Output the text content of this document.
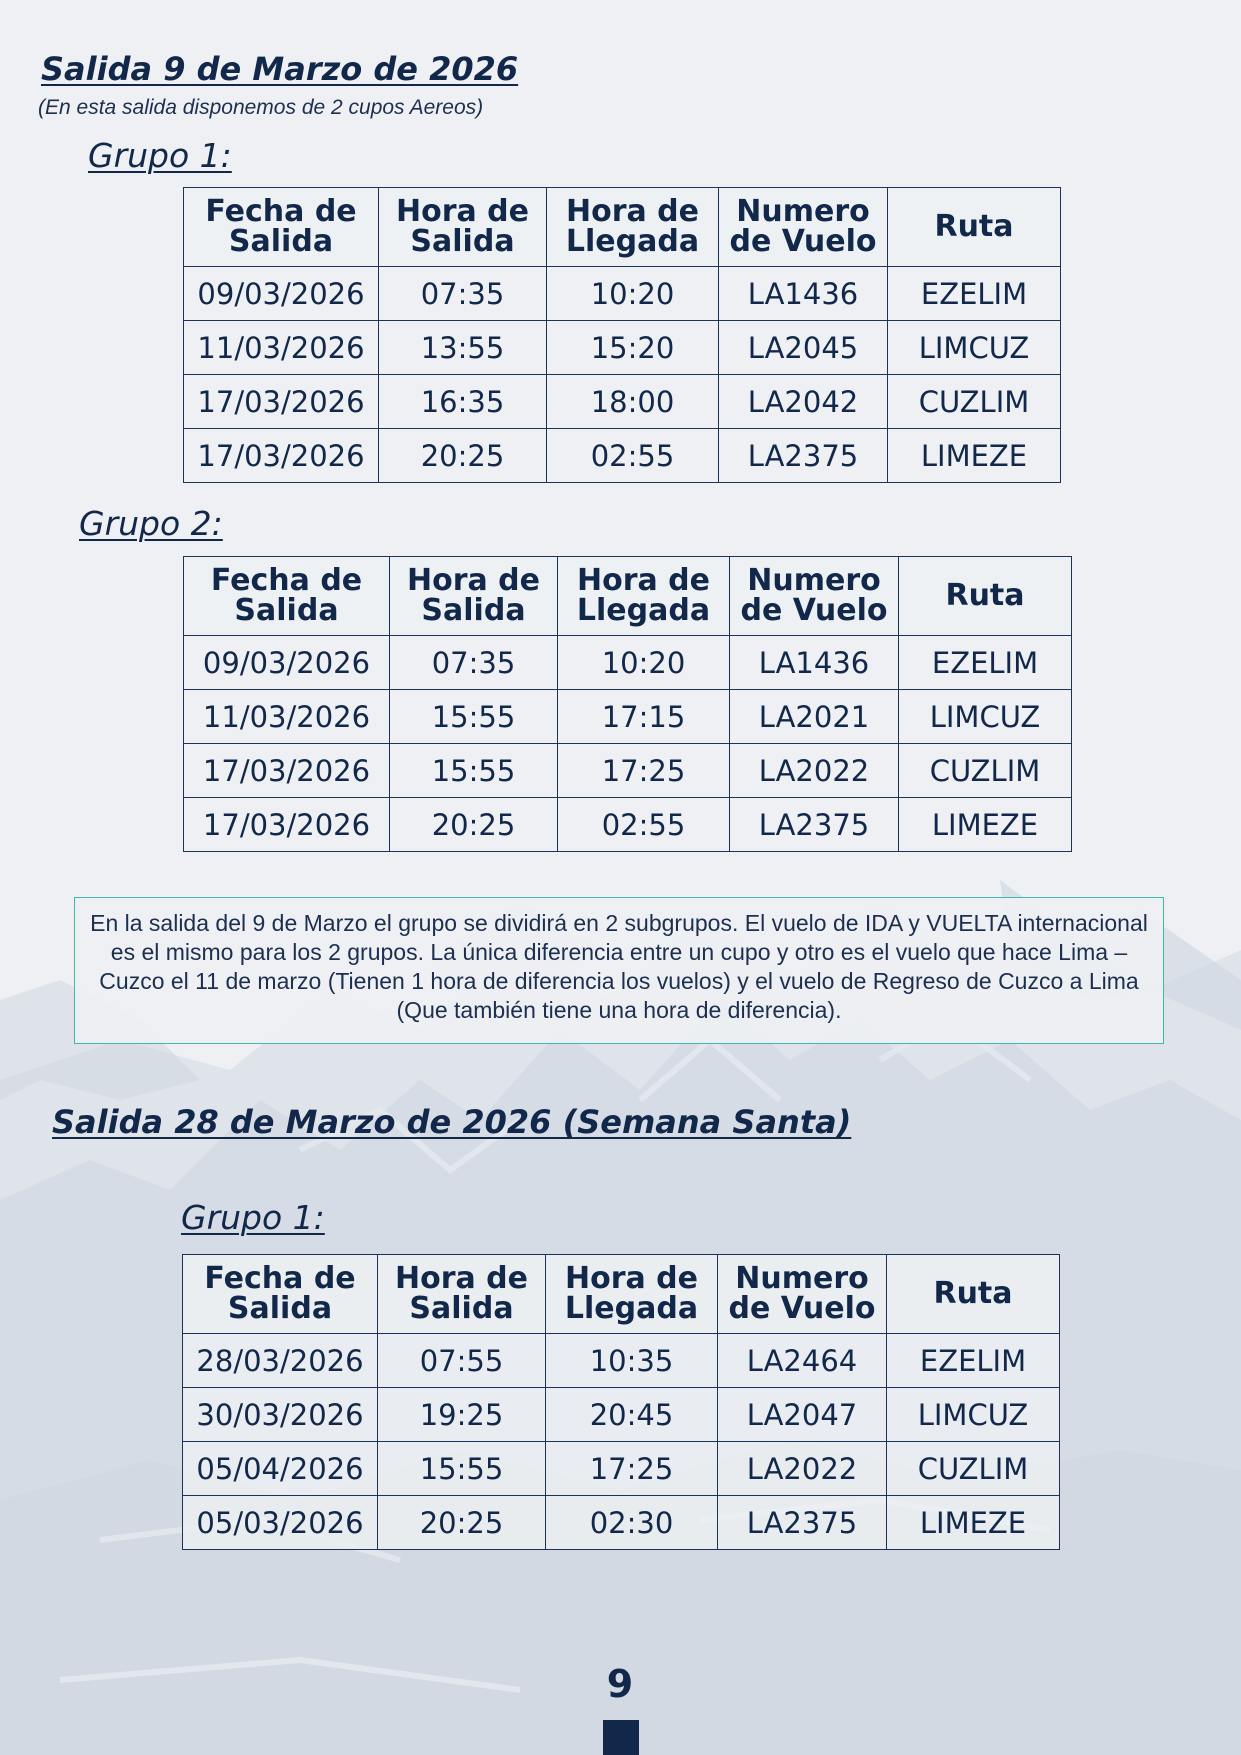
Salida 9 de Marzo de 2026
(En esta salida disponemos de 2 cupos Aereos)
Grupo 1:
Fecha de Salida	Hora de Salida	Hora de Llegada	Numero de Vuelo	Ruta
09/03/2026	07:35	10:20	LA1436	EZELIM
11/03/2026	13:55	15:20	LA2045	LIMCUZ
17/03/2026	16:35	18:00	LA2042	CUZLIM
17/03/2026	20:25	02:55	LA2375	LIMEZE
Grupo 2:
Fecha de Salida	Hora de Salida	Hora de Llegada	Numero de Vuelo	Ruta
09/03/2026	07:35	10:20	LA1436	EZELIM
11/03/2026	15:55	17:15	LA2021	LIMCUZ
17/03/2026	15:55	17:25	LA2022	CUZLIM
17/03/2026	20:25	02:55	LA2375	LIMEZE
En la salida del 9 de Marzo el grupo se dividirá en 2 subgrupos. El vuelo de IDA y VUELTA internacional es el mismo para los 2 grupos. La única diferencia entre un cupo y otro es el vuelo que hace Lima – Cuzco el 11 de marzo (Tienen 1 hora de diferencia los vuelos) y el vuelo de Regreso de Cuzco a Lima (Que también tiene una hora de diferencia).
Salida 28 de Marzo de 2026 (Semana Santa)
Grupo 1:
Fecha de Salida	Hora de Salida	Hora de Llegada	Numero de Vuelo	Ruta
28/03/2026	07:55	10:35	LA2464	EZELIM
30/03/2026	19:25	20:45	LA2047	LIMCUZ
05/04/2026	15:55	17:25	LA2022	CUZLIM
05/03/2026	20:25	02:30	LA2375	LIMEZE
9
